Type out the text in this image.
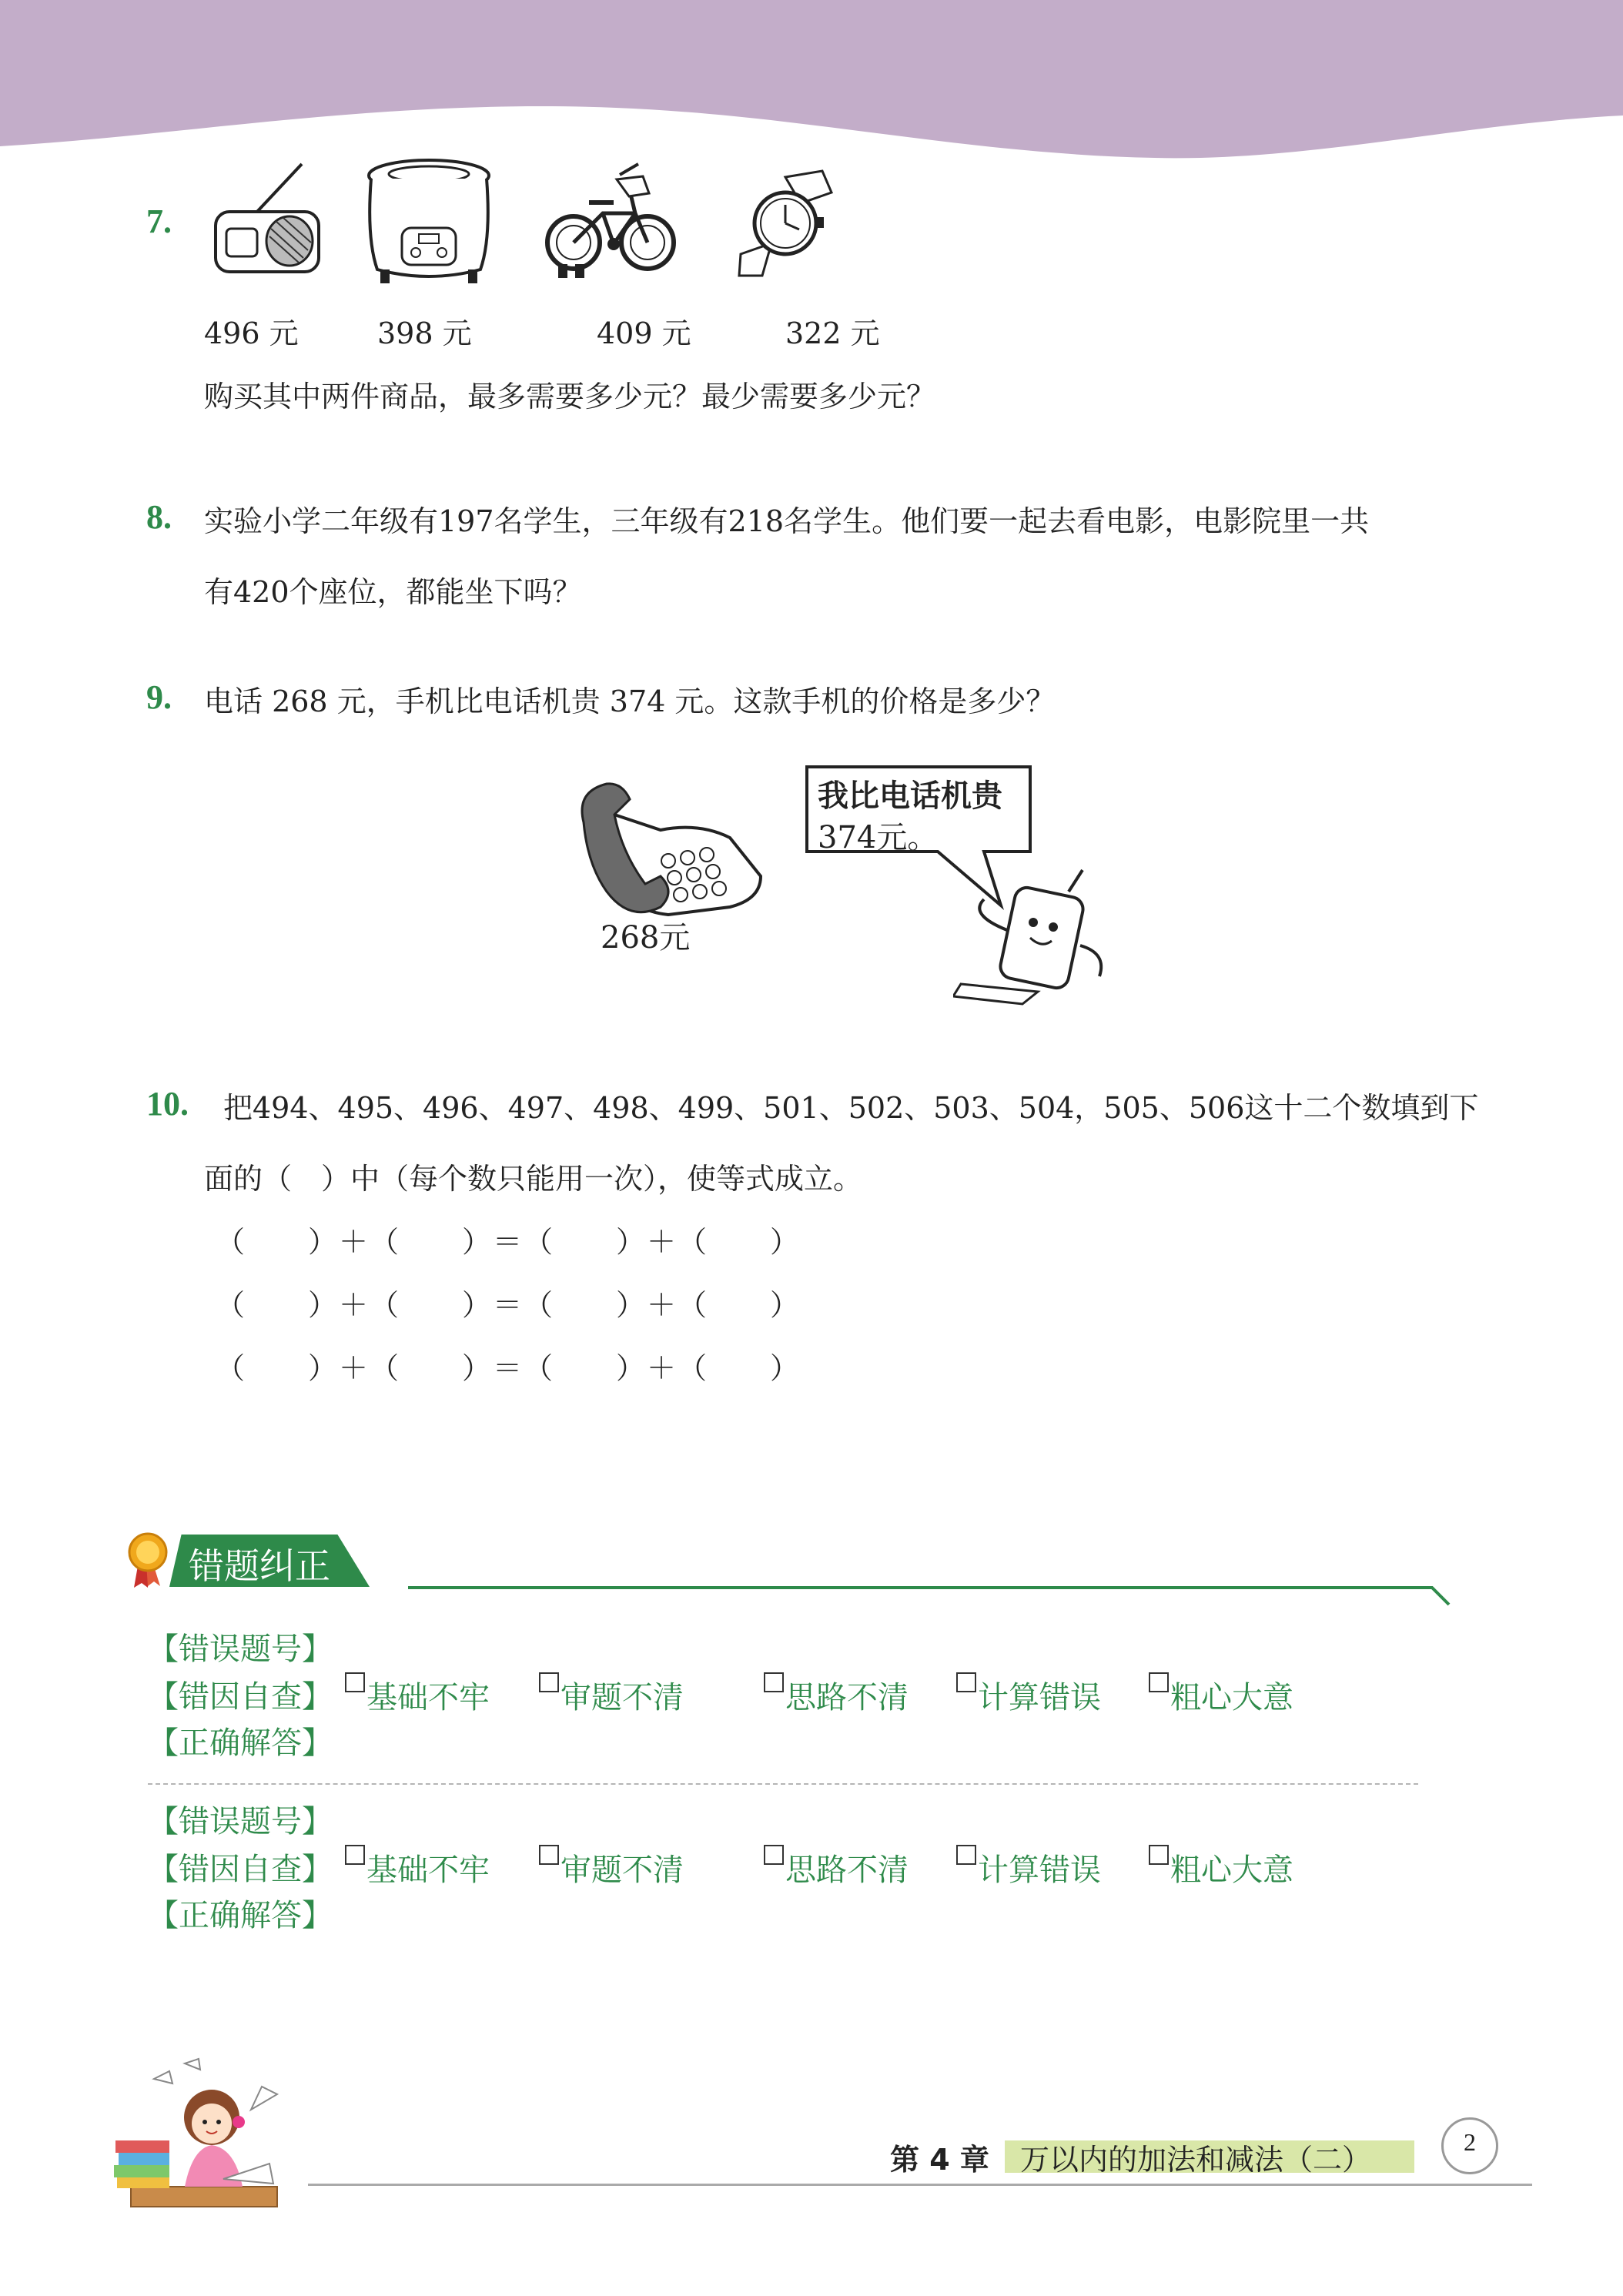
7.
496 元	398 元	409 元	322 元
购买其中两件商品，最多需要多少元？最少需要多少元？
8. 实验小学二年级有197名学生，三年级有218名学生。他们要一起去看电影，电影院里一共
有420个座位，都能坐下吗？
9. 电话 268 元，手机比电话机贵 374 元。这款手机的价格是多少？
268元
我比电话机贵
374元。
10. 把494、495、496、497、498、499、501、502、503、504，505、506这十二个数填到下
面的（　）中（每个数只能用一次），使等式成立。
（　　）＋（　　）＝（　　）＋（　　）
（　　）＋（　　）＝（　　）＋（　　）
（　　）＋（　　）＝（　　）＋（　　）
错题纠正
【错误题号】
【错因自查】
【正确解答】
基础不牢	审题不清	思路不清	计算错误	粗心大意
【错误题号】
【错因自查】
【正确解答】
基础不牢	审题不清	思路不清	计算错误	粗心大意
第 4 章 万以内的加法和减法（二）
2
